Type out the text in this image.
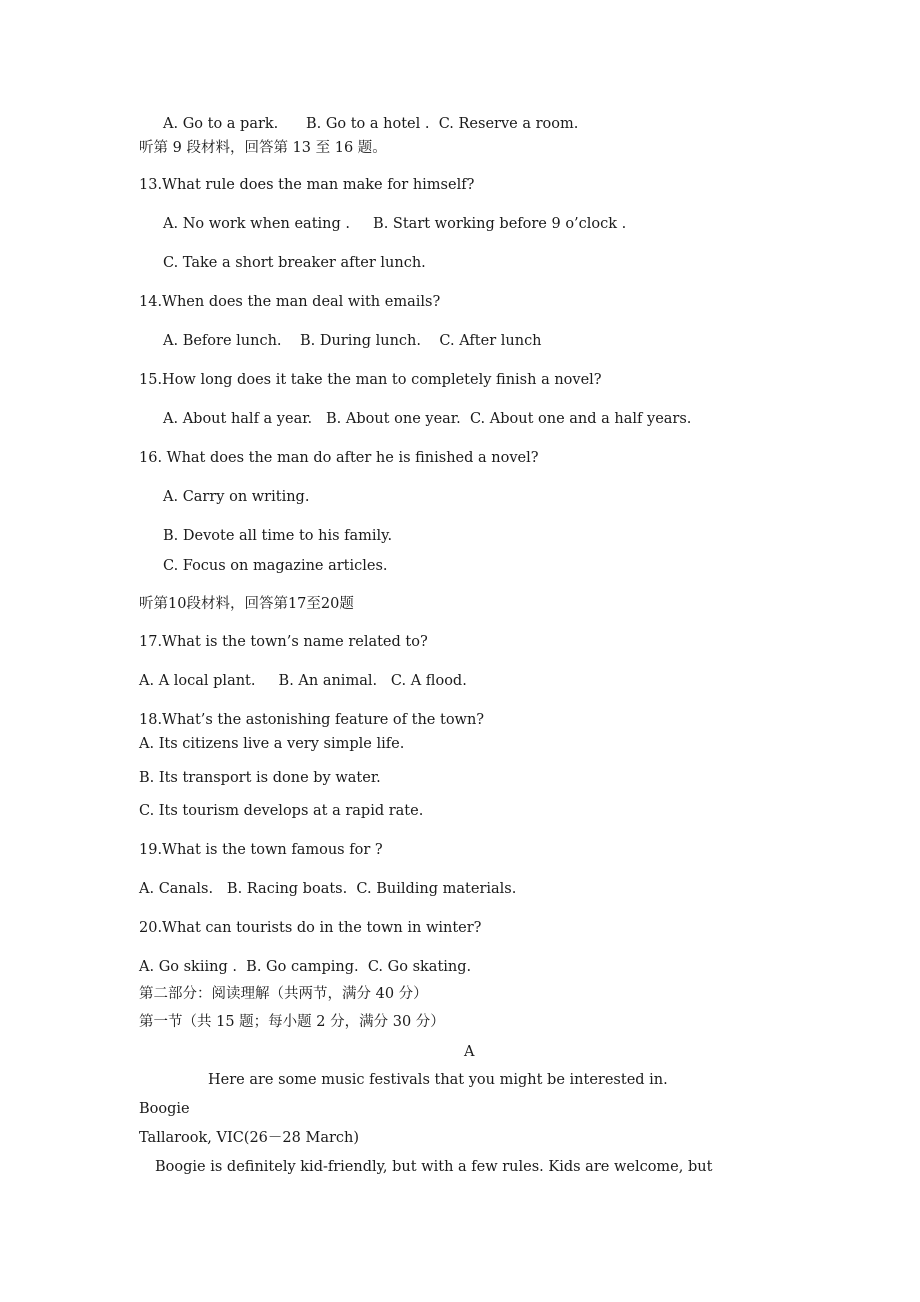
A. Go to a park.      B. Go to a hotel .  C. Reserve a room.

听第 9 段材料，回答第 13 至 16 题。

13.What rule does the man make for himself?

A. No work when eating .     B. Start working before 9 o’clock .

C. Take a short breaker after lunch.

14.When does the man deal with emails?

A. Before lunch.    B. During lunch.    C. After lunch

15.How long does it take the man to completely finish a novel?

A. About half a year.   B. About one year.  C. About one and a half years.

16. What does the man do after he is finished a novel?

A. Carry on writing.

B. Devote all time to his family.

C. Focus on magazine articles.

听第10段材料，回答第17至20题

17.What is the town’s name related to?

A. A local plant.     B. An animal.   C. A flood.

18.What’s the astonishing feature of the town?

A. Its citizens live a very simple life.

B. Its transport is done by water.

C. Its tourism develops at a rapid rate.

19.What is the town famous for ?

A. Canals.   B. Racing boats.  C. Building materials.

20.What can tourists do in the town in winter?

A. Go skiing .  B. Go camping.  C. Go skating.

第二部分：阅读理解（共两节，满分 40 分）

第一节（共 15 题；每小题 2 分，满分 30 分）

A

Here are some music festivals that you might be interested in.

Boogie

Tallarook, VIC(26－28 March)

Boogie is definitely kid-friendly, but with a few rules. Kids are welcome, but
